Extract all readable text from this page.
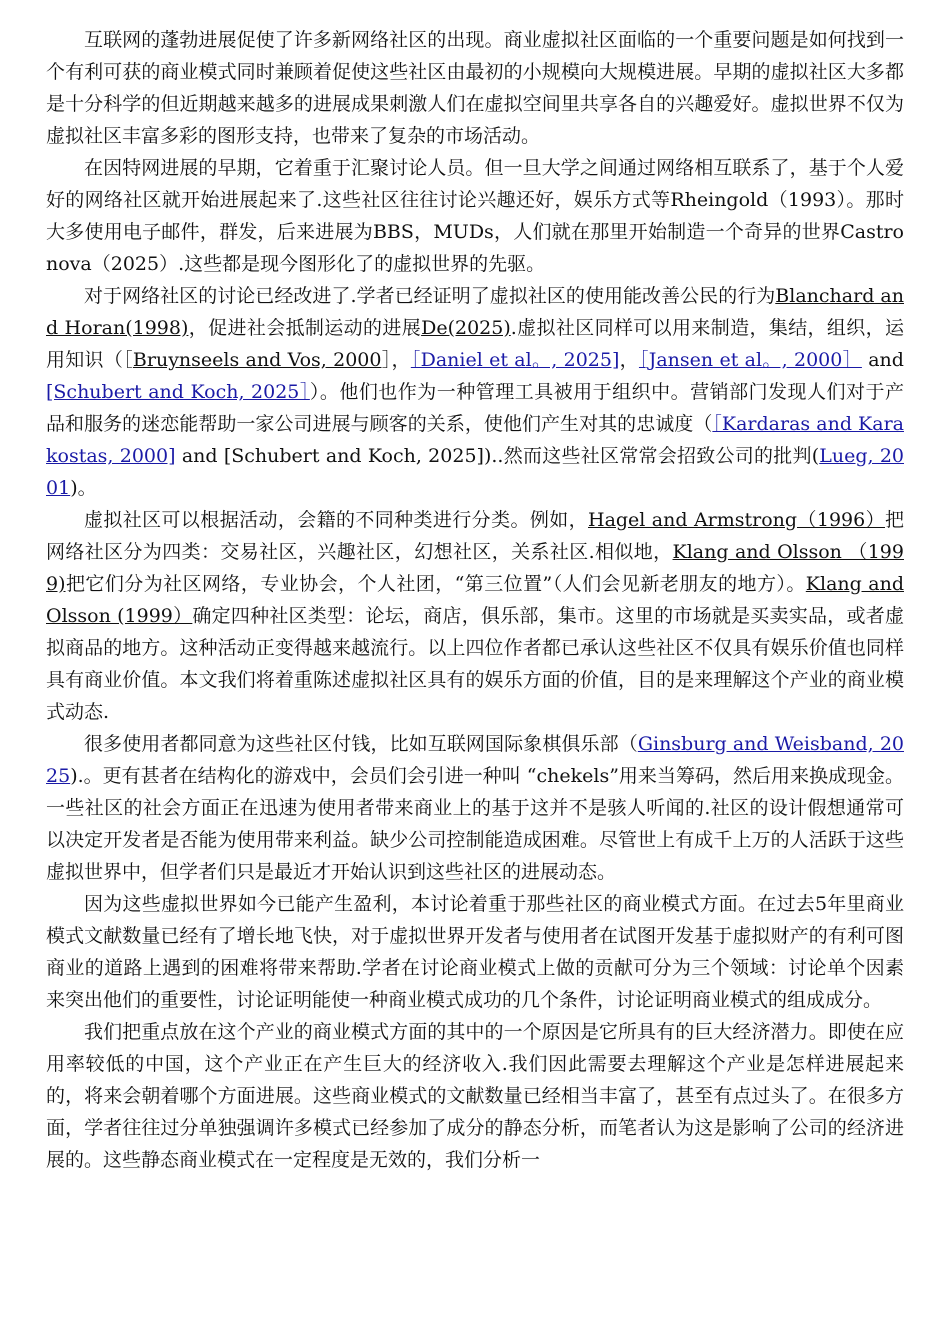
互联网的蓬勃进展促使了许多新网络社区的出现。商业虚拟社区面临的一个重要问题是如何找到一个有利可获的商业模式同时兼顾着促使这些社区由最初的小规模向大规模进展。早期的虚拟社区大多都是十分科学的但近期越来越多的进展成果刺激人们在虚拟空间里共享各自的兴趣爱好。虚拟世界不仅为虚拟社区丰富多彩的图形支持，也带来了复杂的市场活动。

在因特网进展的早期，它着重于汇聚讨论人员。但一旦大学之间通过网络相互联系了，基于个人爱好的网络社区就开始进展起来了.这些社区往往讨论兴趣还好，娱乐方式等Rheingold（1993）。那时大多使用电子邮件，群发，后来进展为BBS，MUDs，人们就在那里开始制造一个奇异的世界Castronova（2025）.这些都是现今图形化了的虚拟世界的先驱。

对于网络社区的讨论已经改进了.学者已经证明了虚拟社区的使用能改善公民的行为Blanchard and Horan(1998)，促进社会抵制运动的进展De(2025).虚拟社区同样可以用来制造，集结，组织，运用知识（［Bruynseels and Vos, 2000］，［Daniel et al。, 2025]，［Jansen et al。, 2000］ and [Schubert and Koch, 2025］）。他们也作为一种管理工具被用于组织中。营销部门发现人们对于产品和服务的迷恋能帮助一家公司进展与顾客的关系，使他们产生对其的忠诚度（［Kardaras and Karakostas, 2000] and [Schubert and Koch, 2025])..然而这些社区常常会招致公司的批判(Lueg, 2001)。

虚拟社区可以根据活动，会籍的不同种类进行分类。例如，Hagel and Armstrong（1996）把网络社区分为四类：交易社区，兴趣社区，幻想社区，关系社区.相似地，Klang and Olsson （1999)把它们分为社区网络，专业协会，个人社团，“第三位置”（人们会见新老朋友的地方）。Klang and Olsson (1999）确定四种社区类型：论坛，商店，俱乐部，集市。这里的市场就是买卖实品，或者虚拟商品的地方。这种活动正变得越来越流行。以上四位作者都已承认这些社区不仅具有娱乐价值也同样具有商业价值。本文我们将着重陈述虚拟社区具有的娱乐方面的价值，目的是来理解这个产业的商业模式动态.

很多使用者都同意为这些社区付钱，比如互联网国际象棋俱乐部（Ginsburg and Weisband, 2025).。更有甚者在结构化的游戏中，会员们会引进一种叫 “chekels”用来当筹码，然后用来换成现金。一些社区的社会方面正在迅速为使用者带来商业上的基于这并不是骇人听闻的.社区的设计假想通常可以决定开发者是否能为使用带来利益。缺少公司控制能造成困难。尽管世上有成千上万的人活跃于这些虚拟世界中，但学者们只是最近才开始认识到这些社区的进展动态。

因为这些虚拟世界如今已能产生盈利，本讨论着重于那些社区的商业模式方面。在过去5年里商业模式文献数量已经有了增长地飞快，对于虚拟世界开发者与使用者在试图开发基于虚拟财产的有利可图商业的道路上遇到的困难将带来帮助.学者在讨论商业模式上做的贡献可分为三个领域：讨论单个因素来突出他们的重要性，讨论证明能使一种商业模式成功的几个条件，讨论证明商业模式的组成成分。

我们把重点放在这个产业的商业模式方面的其中的一个原因是它所具有的巨大经济潜力。即使在应用率较低的中国，这个产业正在产生巨大的经济收入.我们因此需要去理解这个产业是怎样进展起来的，将来会朝着哪个方面进展。这些商业模式的文献数量已经相当丰富了，甚至有点过头了。在很多方面，学者往往过分单独强调许多模式已经参加了成分的静态分析，而笔者认为这是影响了公司的经济进展的。这些静态商业模式在一定程度是无效的，我们分析一
